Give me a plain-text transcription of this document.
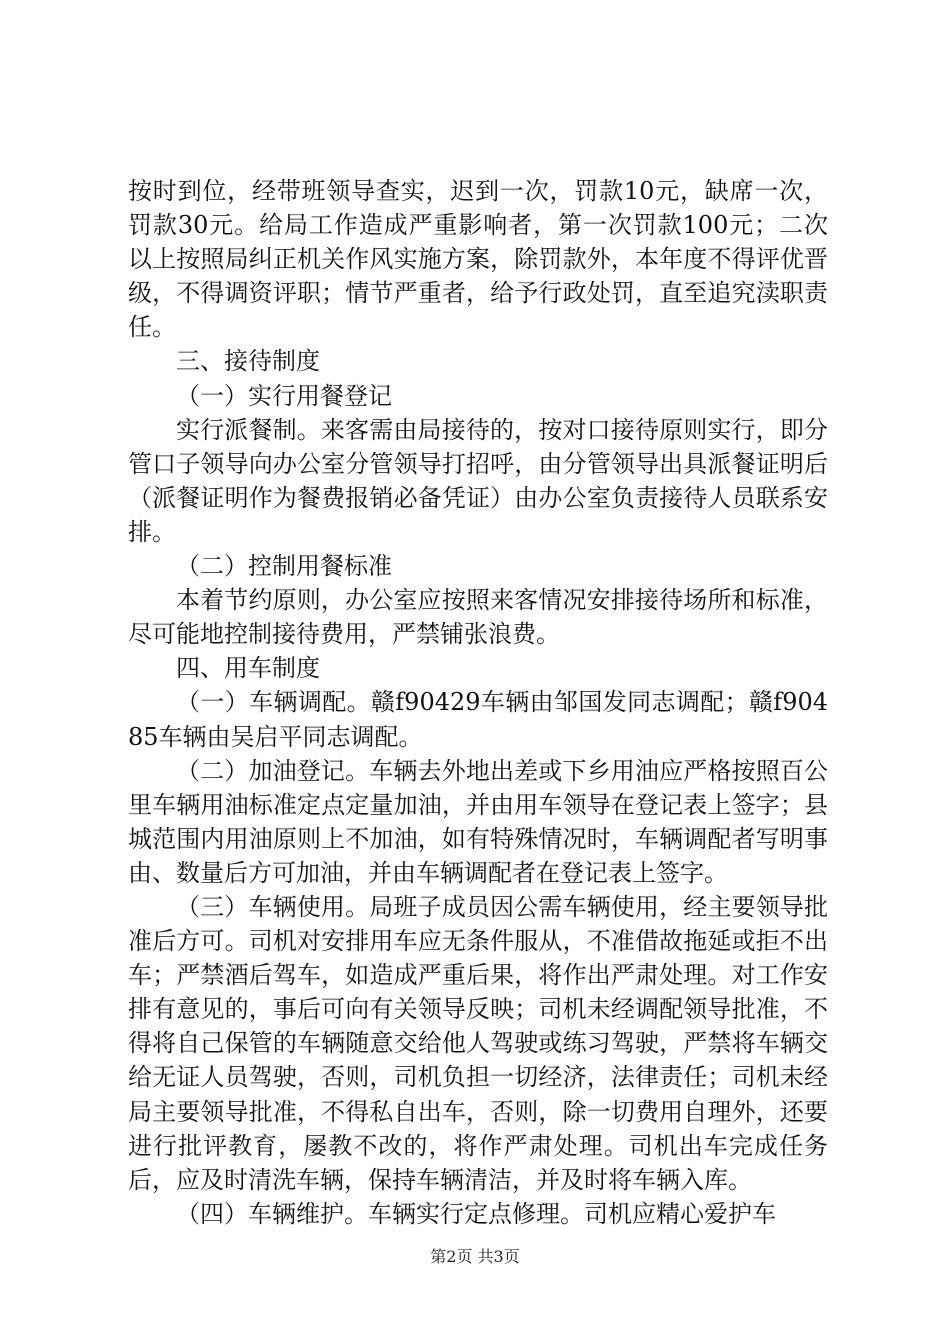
按时到位，经带班领导查实，迟到一次，罚款10元，缺席一次，罚款30元。给局工作造成严重影响者，第一次罚款100元；二次以上按照局纠正机关作风实施方案，除罚款外，本年度不得评优晋级，不得调资评职；情节严重者，给予行政处罚，直至追究渎职责任。

三、接待制度

（一）实行用餐登记

实行派餐制。来客需由局接待的，按对口接待原则实行，即分管口子领导向办公室分管领导打招呼，由分管领导出具派餐证明后（派餐证明作为餐费报销必备凭证）由办公室负责接待人员联系安排。

（二）控制用餐标准

本着节约原则，办公室应按照来客情况安排接待场所和标准，尽可能地控制接待费用，严禁铺张浪费。

四、用车制度

（一）车辆调配。赣f90429车辆由邹国发同志调配；赣f90485车辆由吴启平同志调配。

（二）加油登记。车辆去外地出差或下乡用油应严格按照百公里车辆用油标准定点定量加油，并由用车领导在登记表上签字；县城范围内用油原则上不加油，如有特殊情况时，车辆调配者写明事由、数量后方可加油，并由车辆调配者在登记表上签字。

（三）车辆使用。局班子成员因公需车辆使用，经主要领导批准后方可。司机对安排用车应无条件服从，不准借故拖延或拒不出车；严禁酒后驾车，如造成严重后果，将作出严肃处理。对工作安排有意见的，事后可向有关领导反映；司机未经调配领导批准，不得将自己保管的车辆随意交给他人驾驶或练习驾驶，严禁将车辆交给无证人员驾驶，否则，司机负担一切经济，法律责任；司机未经局主要领导批准，不得私自出车，否则，除一切费用自理外，还要进行批评教育，屡教不改的，将作严肃处理。司机出车完成任务后，应及时清洗车辆，保持车辆清洁，并及时将车辆入库。

（四）车辆维护。车辆实行定点修理。司机应精心爱护车

第2页 共3页
